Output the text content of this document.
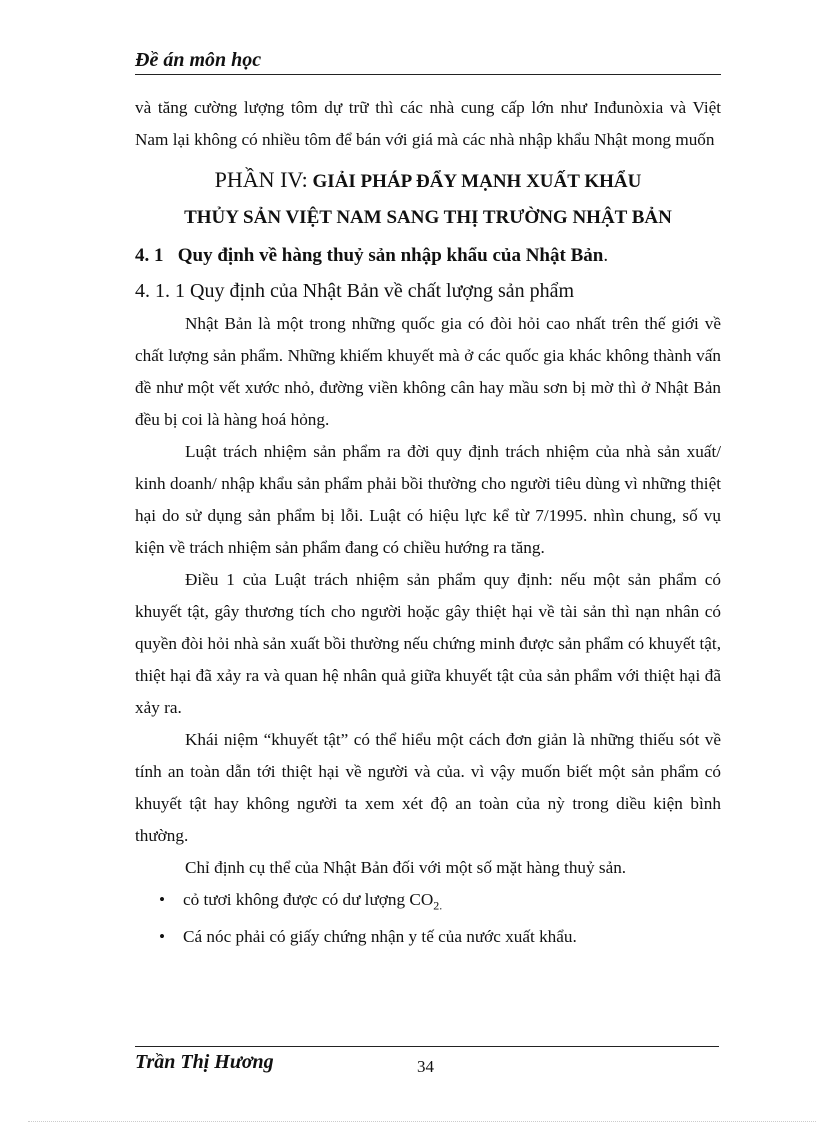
Đề án môn học

và tăng cường lượng tôm dự trữ thì các nhà cung cấp lớn như Inđunòxia và Việt Nam lại không có nhiều tôm để bán với giá mà các nhà nhập khẩu Nhật mong muốn

PHẦN IV: GIẢI PHÁP ĐẨY MẠNH XUẤT KHẨU
THỦY SẢN VIỆT NAM SANG THỊ TRƯỜNG NHẬT BẢN
4. 1 Quy định về hàng thuỷ sản nhập khẩu của Nhật Bản.
4. 1. 1 Quy định của Nhật Bản về chất lượng sản phẩm

Nhật Bản là một trong những quốc gia có đòi hỏi cao nhất trên thế giới về chất lượng sản phẩm. Những khiếm khuyết mà ở các quốc gia khác không thành vấn đề như một vết xước nhỏ, đường viền không cân hay mầu sơn bị mờ thì ở Nhật Bản đều bị coi là hàng hoá hỏng.

Luật trách nhiệm sản phẩm ra đời quy định trách nhiệm của nhà sản xuất/ kinh doanh/ nhập khẩu sản phẩm phải bồi thường cho người tiêu dùng vì những thiệt hại do sử dụng sản phẩm bị lỗi. Luật có hiệu lực kể từ 7/1995. nhìn chung, số vụ kiện về trách nhiệm sản phẩm đang có chiều hướng ra tăng.

Điều 1 của Luật trách nhiệm sản phẩm quy định: nếu một sản phẩm có khuyết tật, gây thương tích cho người hoặc gây thiệt hại về tài sản thì nạn nhân có quyền đòi hỏi nhà sản xuất bồi thường nếu chứng minh được sản phẩm có khuyết tật, thiệt hại đã xảy ra và quan hệ nhân quả giữa khuyết tật của sản phẩm với thiệt hại đã xảy ra.

Khái niệm “khuyết tật” có thể hiểu một cách đơn giản là những thiếu sót về tính an toàn dẫn tới thiệt hại về người và của. vì vậy muốn biết một sản phẩm có khuyết tật hay không người ta xem xét độ an toàn của nỳ trong diều kiện bình thường.

Chỉ định cụ thể của Nhật Bản đối với một số mặt hàng thuỷ sản.

• cỏ tươi không được có dư lượng $CO_{2.}$
• Cá nóc phải có giấy chứng nhận y tế của nước xuất khẩu.
Trần Thị Hương	34
